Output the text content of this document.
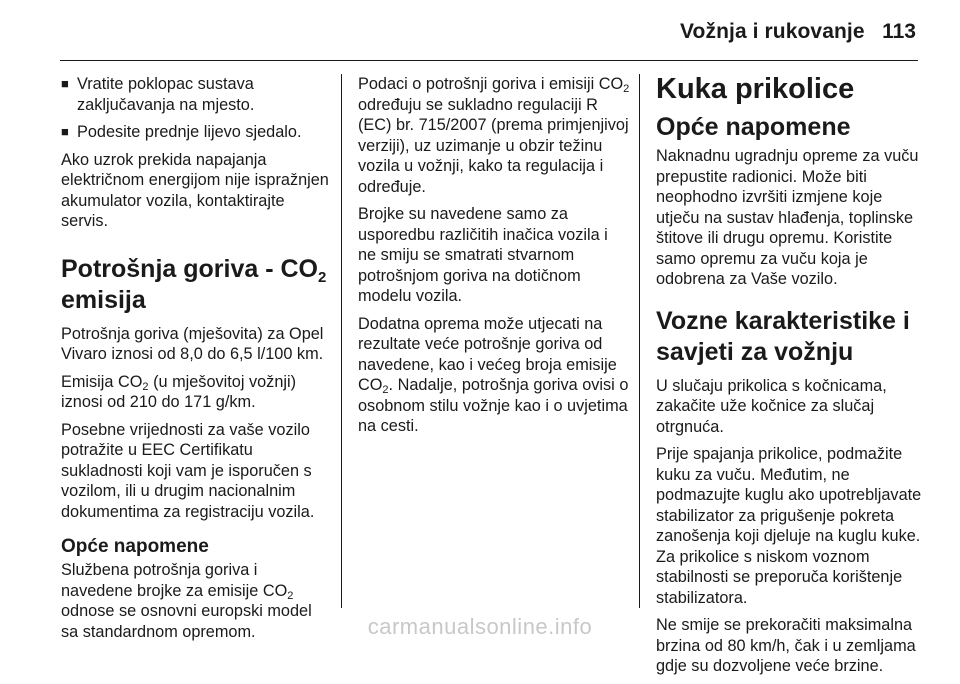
Vožnja i rukovanje 113
■ Vratite poklopac sustava zaključavanja na mjesto.
■ Podesite prednje lijevo sjedalo.

Ako uzrok prekida napajanja električnom energijom nije ispražnjen akumulator vozila, kontaktirajte servis.

Potrošnja goriva - $CO_2$
emisija

Potrošnja goriva (mješovita) za Opel Vivaro iznosi od 8,0 do 6,5 l/100 km.

Emisija $CO_2$ (u mješovitoj vožnji) iznosi od 210 do 171 g/km.

Posebne vrijednosti za vaše vozilo potražite u EEC Certifikatu sukladnosti koji vam je isporučen s vozilom, ili u drugim nacionalnim dokumentima za registraciju vozila.

Opće napomene

Službena potrošnja goriva i navedene brojke za emisije $CO_2$ odnose se osnovni europski model sa standardnom opremom.

Podaci o potrošnji goriva i emisiji $CO_2$ određuju se sukladno regulaciji R (EC) br. 715/2007 (prema primjenjivoj verziji), uz uzimanje u obzir težinu vozila u vožnji, kako ta regulacija i određuje.

Brojke su navedene samo za usporedbu različitih inačica vozila i ne smiju se smatrati stvarnom potrošnjom goriva na dotičnom modelu vozila.

Dodatna oprema može utjecati na rezultate veće potrošnje goriva od navedene, kao i većeg broja emisije $CO_2$. Nadalje, potrošnja goriva ovisi o osobnom stilu vožnje kao i o uvjetima na cesti.

Kuka prikolice
Opće napomene

Naknadnu ugradnju opreme za vuču prepustite radionici. Može biti neophodno izvršiti izmjene koje utječu na sustav hlađenja, toplinske štitove ili drugu opremu. Koristite samo opremu za vuču koja je odobrena za Vaše vozilo.

Vozne karakteristike i savjeti za vožnju

U slučaju prikolica s kočnicama, zakačite uže kočnice za slučaj otrgnuća.

Prije spajanja prikolice, podmažite kuku za vuču. Međutim, ne podmazujte kuglu ako upotrebljavate stabilizator za prigušenje pokreta zanošenja koji djeluje na kuglu kuke. Za prikolice s niskom voznom stabilnosti se preporuča korištenje stabilizatora.

Ne smije se prekoračiti maksimalna brzina od 80 km/h, čak i u zemljama gdje su dozvoljene veće brzine.

carmanualsonline.info
